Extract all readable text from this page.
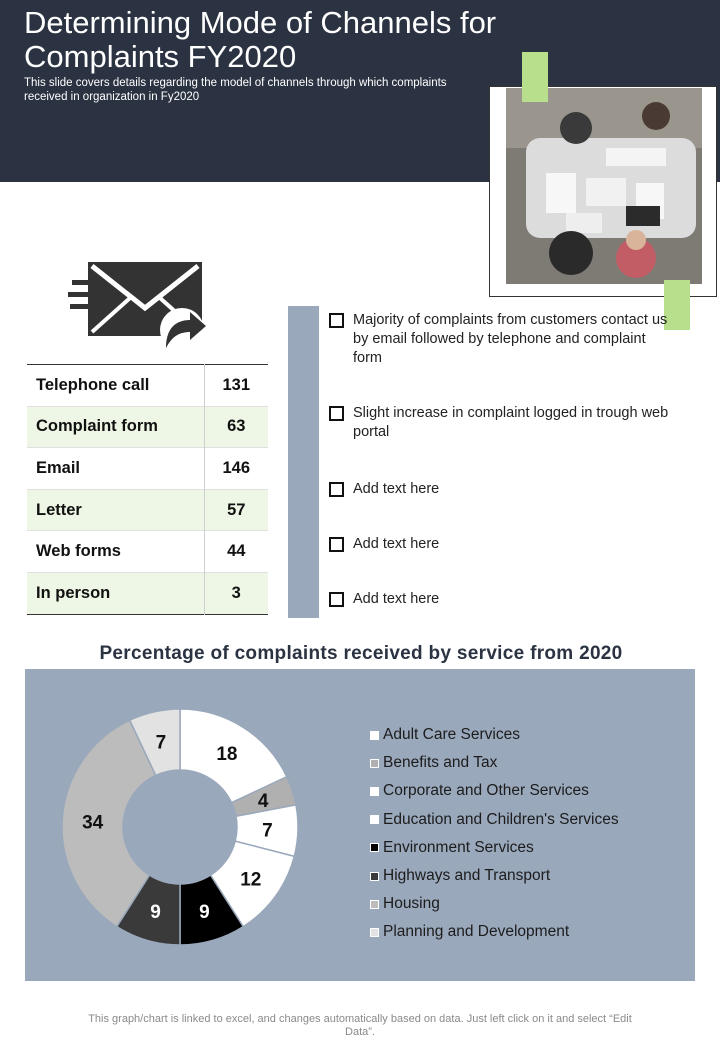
Determining Mode of Channels for Complaints FY2020

This slide covers details regarding the model of channels through which complaints received in organization in Fy2020

Telephone call	131
Complaint form	63
Email	146
Letter	57
Web forms	44
In person	3
Majority of complaints from customers contact us by email followed by telephone and complaint form
Slight increase in complaint logged in trough web portal
Add text here
Add text here
Add text here
Percentage of complaints received by service from 2020
18
4
7
12
9
9
34
7	Adult Care Services
Benefits and Tax
Corporate and Other Services
Education and Children's Services
Environment Services
Highways and Transport
Housing
Planning and Development
This graph/chart is linked to excel, and changes automatically based on data. Just left click on it and select “Edit Data”.
